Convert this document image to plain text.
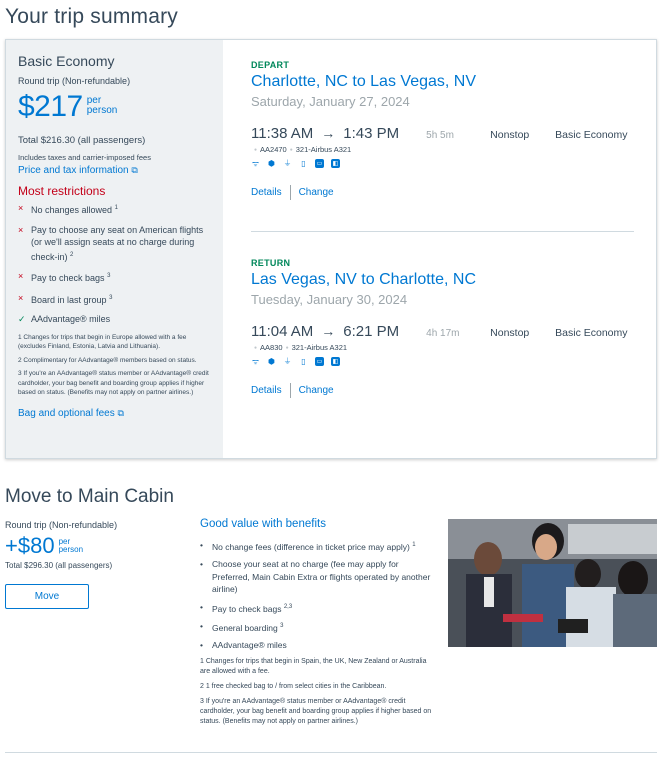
Your trip summary
Basic Economy
Round trip (Non-refundable)
$217 per
person
Total $216.30 (all passengers)
Includes taxes and carrier-imposed fees
Price and tax information ⧉
Most restrictions
× No changes allowed $^1$
× Pay to choose any seat on American flights (or we'll assign seats at no charge during check-in) $^2$
× Pay to check bags $^3$
× Board in last group $^3$
✓ AAdvantage® miles
1 Changes for trips that begin in Europe allowed with a fee (excludes Finland, Estonia, Latvia and Lithuania).
2 Complimentary for AAdvantage® members based on status.
3 If you're an AAdvantage® status member or AAdvantage® credit cardholder, your bag benefit and boarding group applies if higher based on status. (Benefits may not apply on partner airlines.)
Bag and optional fees ⧉
DEPART
Charlotte, NC to Las Vegas, NV
Saturday, January 27, 2024
11:38 AM → 1:43 PM	5h 5m	Nonstop	Basic Economy
● AA2470 ● 321-Airbus A321
ᯤ ⬢ ⏚ ▯	▭ ◧
Details Change
RETURN
Las Vegas, NV to Charlotte, NC
Tuesday, January 30, 2024
11:04 AM → 6:21 PM	4h 17m	Nonstop	Basic Economy
● AA830 ● 321-Airbus A321
ᯤ ⬢ ⏚ ▯	▭ ◧
Details Change
Move to Main Cabin
Round trip (Non-refundable)
+$80 per
person
Total $296.30 (all passengers)
Move
Good value with benefits
•	No change fees (difference in ticket price may apply) $^1$
•	Choose your seat at no charge (fee may apply for Preferred, Main Cabin Extra or flights operated by another airline)
•	Pay to check bags $^{2,3}$
•	General boarding $^3$
•	AAdvantage® miles
1 Changes for trips that begin in Spain, the UK, New Zealand or Australia are allowed with a fee.
2 1 free checked bag to / from select cities in the Caribbean.
3 If you're an AAdvantage® status member or AAdvantage® credit cardholder, your bag benefit and boarding group applies if higher based on status. (Benefits may not apply on partner airlines.)
